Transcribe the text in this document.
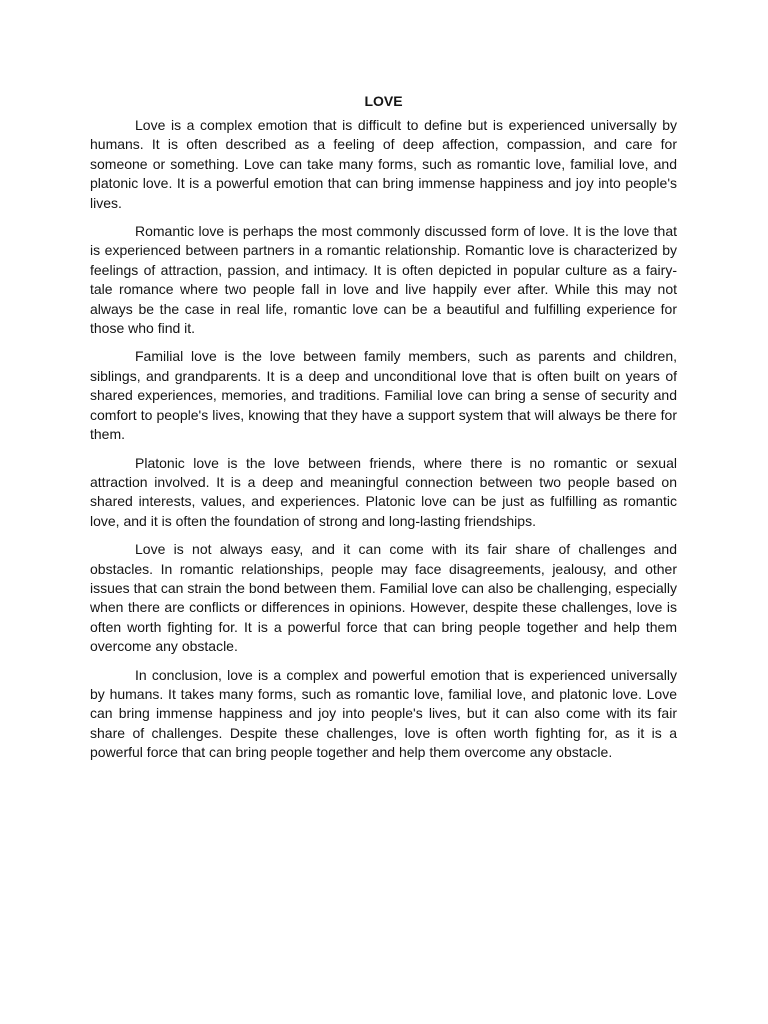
LOVE

Love is a complex emotion that is difficult to define but is experienced universally by humans. It is often described as a feeling of deep affection, compassion, and care for someone or something. Love can take many forms, such as romantic love, familial love, and platonic love. It is a powerful emotion that can bring immense happiness and joy into people's lives.

Romantic love is perhaps the most commonly discussed form of love. It is the love that is experienced between partners in a romantic relationship. Romantic love is characterized by feelings of attraction, passion, and intimacy. It is often depicted in popular culture as a fairy-tale romance where two people fall in love and live happily ever after. While this may not always be the case in real life, romantic love can be a beautiful and fulfilling experience for those who find it.

Familial love is the love between family members, such as parents and children, siblings, and grandparents. It is a deep and unconditional love that is often built on years of shared experiences, memories, and traditions. Familial love can bring a sense of security and comfort to people's lives, knowing that they have a support system that will always be there for them.

Platonic love is the love between friends, where there is no romantic or sexual attraction involved. It is a deep and meaningful connection between two people based on shared interests, values, and experiences. Platonic love can be just as fulfilling as romantic love, and it is often the foundation of strong and long-lasting friendships.

Love is not always easy, and it can come with its fair share of challenges and obstacles. In romantic relationships, people may face disagreements, jealousy, and other issues that can strain the bond between them. Familial love can also be challenging, especially when there are conflicts or differences in opinions. However, despite these challenges, love is often worth fighting for. It is a powerful force that can bring people together and help them overcome any obstacle.

In conclusion, love is a complex and powerful emotion that is experienced universally by humans. It takes many forms, such as romantic love, familial love, and platonic love. Love can bring immense happiness and joy into people's lives, but it can also come with its fair share of challenges. Despite these challenges, love is often worth fighting for, as it is a powerful force that can bring people together and help them overcome any obstacle.
